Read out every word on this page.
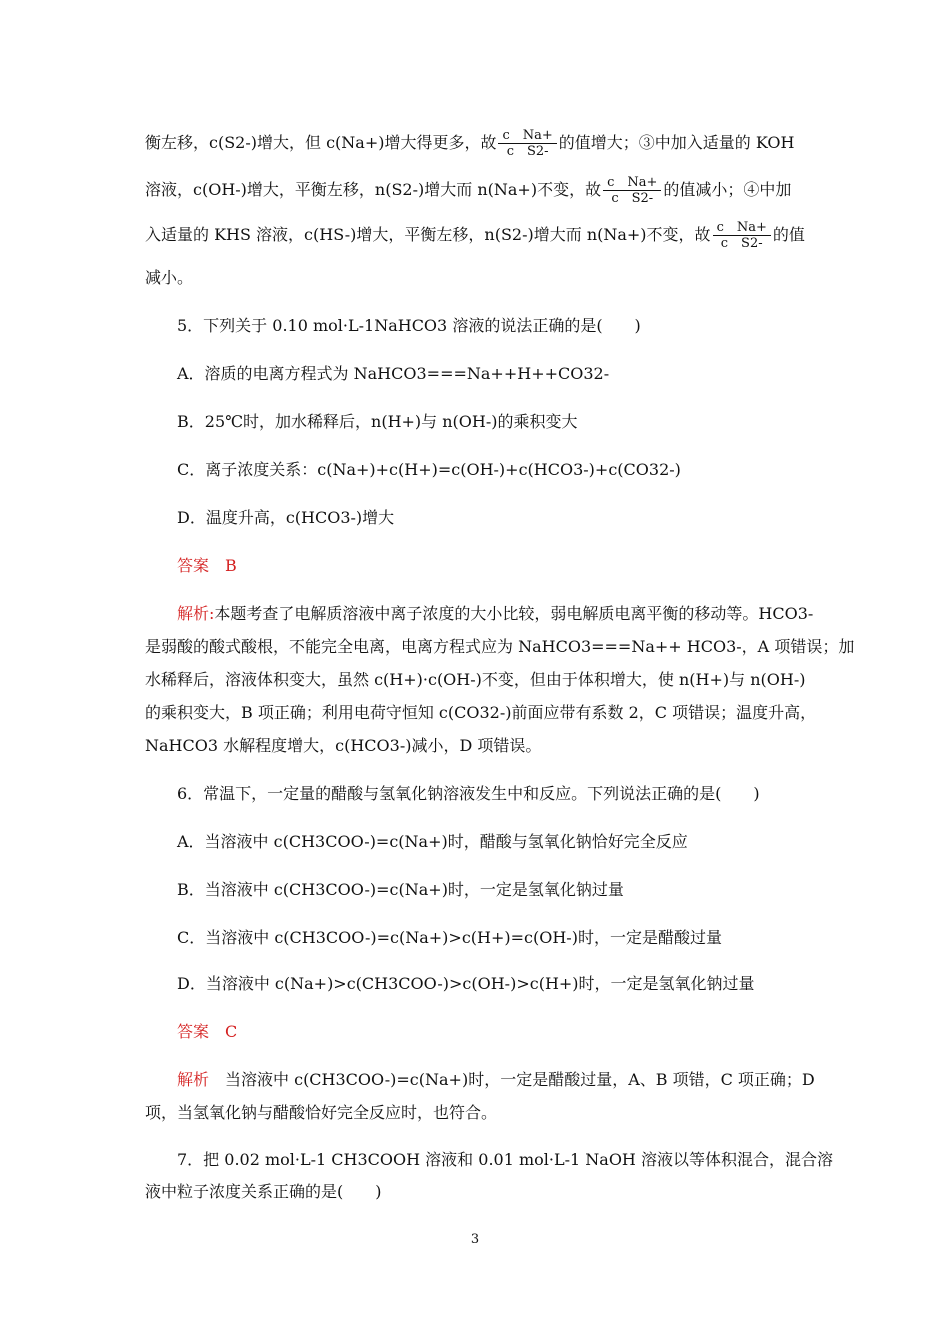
衡左移，c(S2-)增大，但 c(Na+)增大得更多，故 $\frac{\text{c　Na+}}{\text{c　S2-}}$ 的值增大；③中加入适量的 KOH
溶液，c(OH-)增大，平衡左移，n(S2-)增大而 n(Na+)不变，故 $\frac{\text{c　Na+}}{\text{c　S2-}}$ 的值减小；④中加
入适量的 KHS 溶液，c(HS-)增大，平衡左移，n(S2-)增大而 n(Na+)不变，故 $\frac{\text{c　Na+}}{\text{c　S2-}}$ 的值
减小。
5．下列关于 0.10 mol·L-1NaHCO3 溶液的说法正确的是(　　)
A．溶质的电离方程式为 NaHCO3===Na++H++CO32-
B．25℃时，加水稀释后，n(H+)与 n(OH-)的乘积变大
C．离子浓度关系：c(Na+)+c(H+)=c(OH-)+c(HCO3-)+c(CO32-)
D．温度升高，c(HCO3-)增大
答案　B
解析:本题考查了电解质溶液中离子浓度的大小比较，弱电解质电离平衡的移动等。HCO3-
是弱酸的酸式酸根，不能完全电离，电离方程式应为 NaHCO3===Na++ HCO3-，A 项错误；加
水稀释后，溶液体积变大，虽然 c(H+)·c(OH-)不变，但由于体积增大，使 n(H+)与 n(OH-)
的乘积变大，B 项正确；利用电荷守恒知 c(CO32-)前面应带有系数 2，C 项错误；温度升高，
NaHCO3 水解程度增大，c(HCO3-)减小，D 项错误。
6．常温下，一定量的醋酸与氢氧化钠溶液发生中和反应。下列说法正确的是(　　)
A．当溶液中 c(CH3COO-)=c(Na+)时，醋酸与氢氧化钠恰好完全反应
B．当溶液中 c(CH3COO-)=c(Na+)时，一定是氢氧化钠过量
C．当溶液中 c(CH3COO-)=c(Na+)>c(H+)=c(OH-)时，一定是醋酸过量
D．当溶液中 c(Na+)>c(CH3COO-)>c(OH-)>c(H+)时，一定是氢氧化钠过量
答案　C
解析　当溶液中 c(CH3COO-)=c(Na+)时，一定是醋酸过量，A、B 项错，C 项正确；D
项，当氢氧化钠与醋酸恰好完全反应时，也符合。
7．把 0.02 mol·L-1 CH3COOH 溶液和 0.01 mol·L-1 NaOH 溶液以等体积混合，混合溶
液中粒子浓度关系正确的是(　　)
3
